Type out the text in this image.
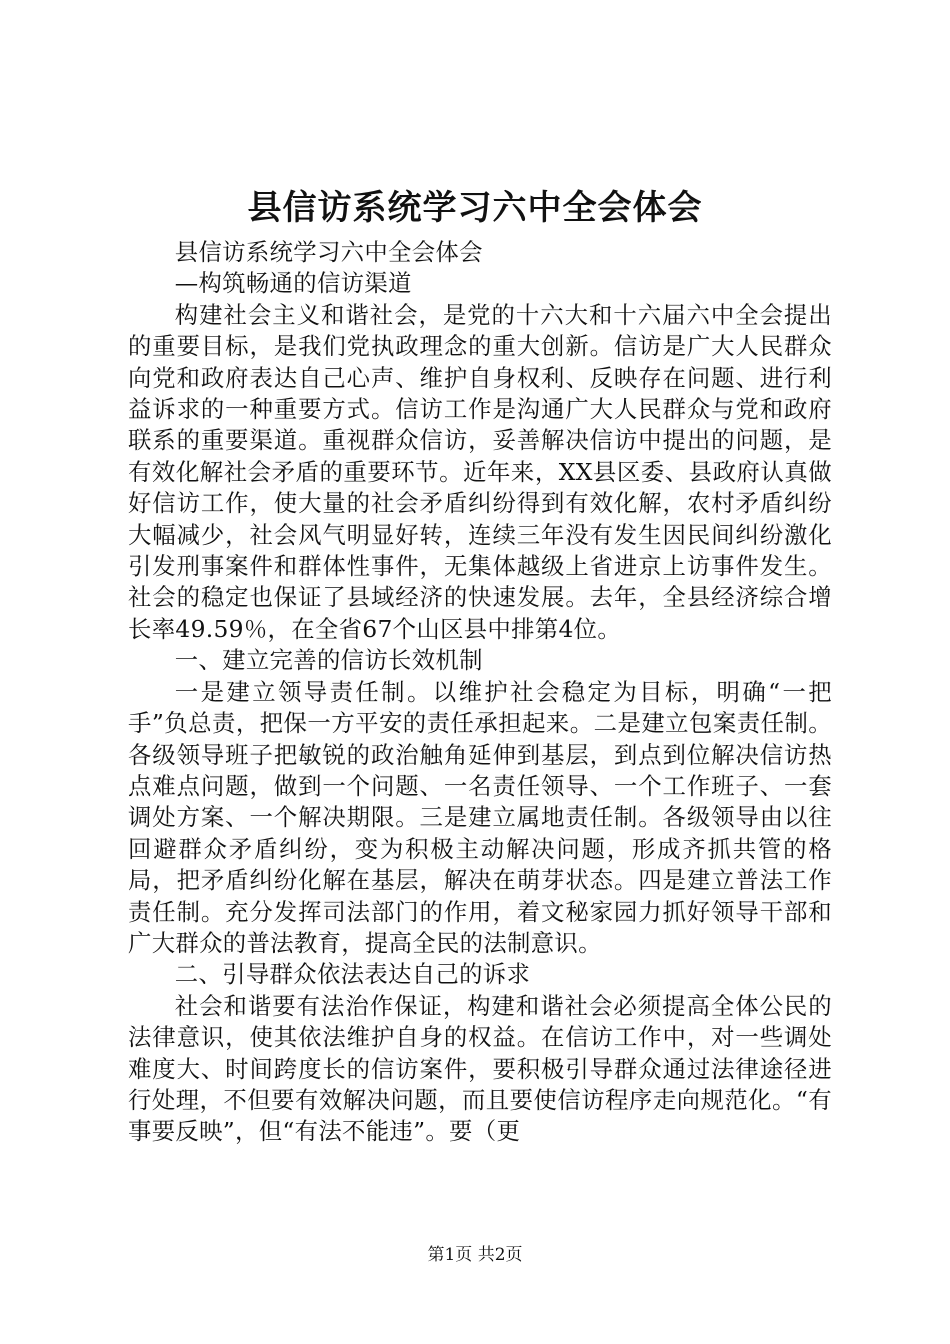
县信访系统学习六中全会体会

县信访系统学习六中全会体会

—构筑畅通的信访渠道

构建社会主义和谐社会，是党的十六大和十六届六中全会提出的重要目标，是我们党执政理念的重大创新。信访是广大人民群众向党和政府表达自己心声、维护自身权利、反映存在问题、进行利益诉求的一种重要方式。信访工作是沟通广大人民群众与党和政府联系的重要渠道。重视群众信访，妥善解决信访中提出的问题，是有效化解社会矛盾的重要环节。近年来，XX县区委、县政府认真做好信访工作，使大量的社会矛盾纠纷得到有效化解，农村矛盾纠纷大幅减少，社会风气明显好转，连续三年没有发生因民间纠纷激化引发刑事案件和群体性事件，无集体越级上省进京上访事件发生。社会的稳定也保证了县域经济的快速发展。去年，全县经济综合增长率49.59％，在全省67个山区县中排第4位。

一、建立完善的信访长效机制

一是建立领导责任制。以维护社会稳定为目标，明确“一把手”负总责，把保一方平安的责任承担起来。二是建立包案责任制。各级领导班子把敏锐的政治触角延伸到基层，到点到位解决信访热点难点问题，做到一个问题、一名责任领导、一个工作班子、一套调处方案、一个解决期限。三是建立属地责任制。各级领导由以往回避群众矛盾纠纷，变为积极主动解决问题，形成齐抓共管的格局，把矛盾纠纷化解在基层，解决在萌芽状态。四是建立普法工作责任制。充分发挥司法部门的作用，着文秘家园力抓好领导干部和广大群众的普法教育，提高全民的法制意识。

二、引导群众依法表达自己的诉求

社会和谐要有法治作保证，构建和谐社会必须提高全体公民的法律意识，使其依法维护自身的权益。在信访工作中，对一些调处难度大、时间跨度长的信访案件，要积极引导群众通过法律途径进行处理，不但要有效解决问题，而且要使信访程序走向规范化。“有事要反映”，但“有法不能违”。要（更

第1页 共2页
